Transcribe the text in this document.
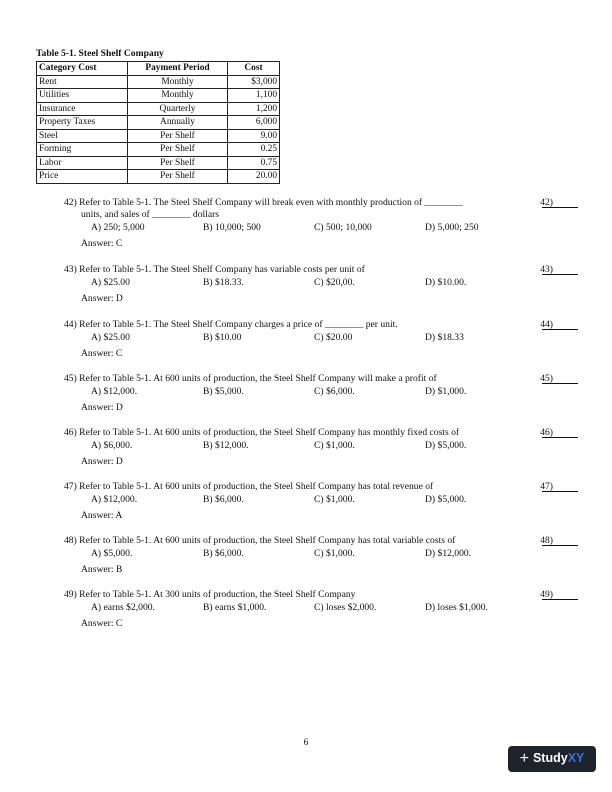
Table 5-1. Steel Shelf Company
Category Cost	Payment Period	Cost
Rent	Monthly	$3,000
Utilities	Monthly	1,100
Insurance	Quarterly	1,200
Property Taxes	Annually	6,000
Steel	Per Shelf	9.00
Forming	Per Shelf	0.25
Labor	Per Shelf	0.75
Price	Per Shelf	20.00
42) Refer to Table 5-1. The Steel Shelf Company will break even with monthly production of ________
units, and sales of ________ dollars
42)
A) 250; 5,000	B) 10,000; 500	C) 500; 10,000	D) 5,000; 250
Answer: C
43) Refer to Table 5-1. The Steel Shelf Company has variable costs per unit of	43)
A) $25.00	B) $18.33.	C) $20,00.	D) $10.00.
Answer: D
44) Refer to Table 5-1. The Steel Shelf Company charges a price of ________ per unit.	44)
A) $25.00	B) $10.00	C) $20.00	D) $18.33
Answer: C
45) Refer to Table 5-1. At 600 units of production, the Steel Shelf Company will make a profit of	45)
A) $12,000.	B) $5,000.	C) $6,000.	D) $1,000.
Answer: D
46) Refer to Table 5-1. At 600 units of production, the Steel Shelf Company has monthly fixed costs of	46)
A) $6,000.	B) $12,000.	C) $1,000.	D) $5,000.
Answer: D
47) Refer to Table 5-1. At 600 units of production, the Steel Shelf Company has total revenue of	47)
A) $12,000.	B) $6,000.	C) $1,000.	D) $5,000.
Answer: A
48) Refer to Table 5-1. At 600 units of production, the Steel Shelf Company has total variable costs of	48)
A) $5,000.	B) $6,000.	C) $1,000.	D) $12,000.
Answer: B
49) Refer to Table 5-1. At 300 units of production, the Steel Shelf Company	49)
A) earns $2,000.	B) earns $1,000.	C) loses $2,000.	D) loses $1,000.
Answer: C
6
+ StudyXY
